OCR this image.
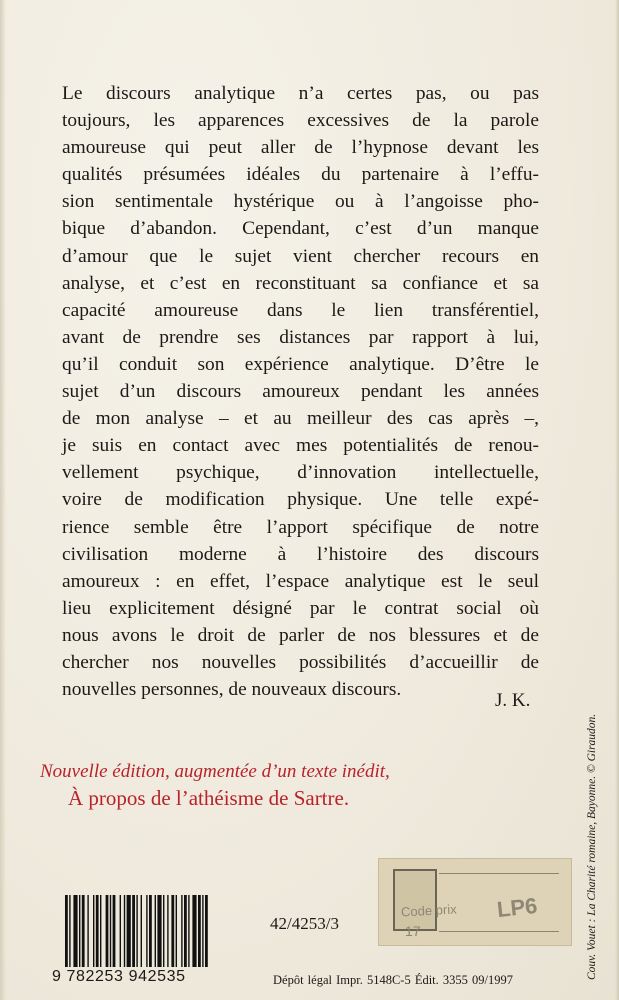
Le discours analytique n’a certes pas, ou pas
toujours, les apparences excessives de la parole
amoureuse qui peut aller de l’hypnose devant les
qualités présumées idéales du partenaire à l’effu-
sion sentimentale hystérique ou à l’angoisse pho-
bique d’abandon. Cependant, c’est d’un manque
d’amour que le sujet vient chercher recours en
analyse, et c’est en reconstituant sa confiance et sa
capacité amoureuse dans le lien transférentiel,
avant de prendre ses distances par rapport à lui,
qu’il conduit son expérience analytique. D’être le
sujet d’un discours amoureux pendant les années
de mon analyse – et au meilleur des cas après –,
je suis en contact avec mes potentialités de renou-
vellement psychique, d’innovation intellectuelle,
voire de modification physique. Une telle expé-
rience semble être l’apport spécifique de notre
civilisation moderne à l’histoire des discours
amoureux : en effet, l’espace analytique est le seul
lieu explicitement désigné par le contrat social où
nous avons le droit de parler de nos blessures et de
chercher nos nouvelles possibilités d’accueillir de
nouvelles personnes, de nouveaux discours.
J. K.
Nouvelle édition, augmentée d’un texte inédit,
À propos de l’athéisme de Sartre.	Couv. Vouet : La Charité romaine, Bayonne. © Giraudon.
Code prix LP6
17
9 782253 942535
42/4253/3
Dépôt légal Impr. 5148C-5 Édit. 3355 09/1997
